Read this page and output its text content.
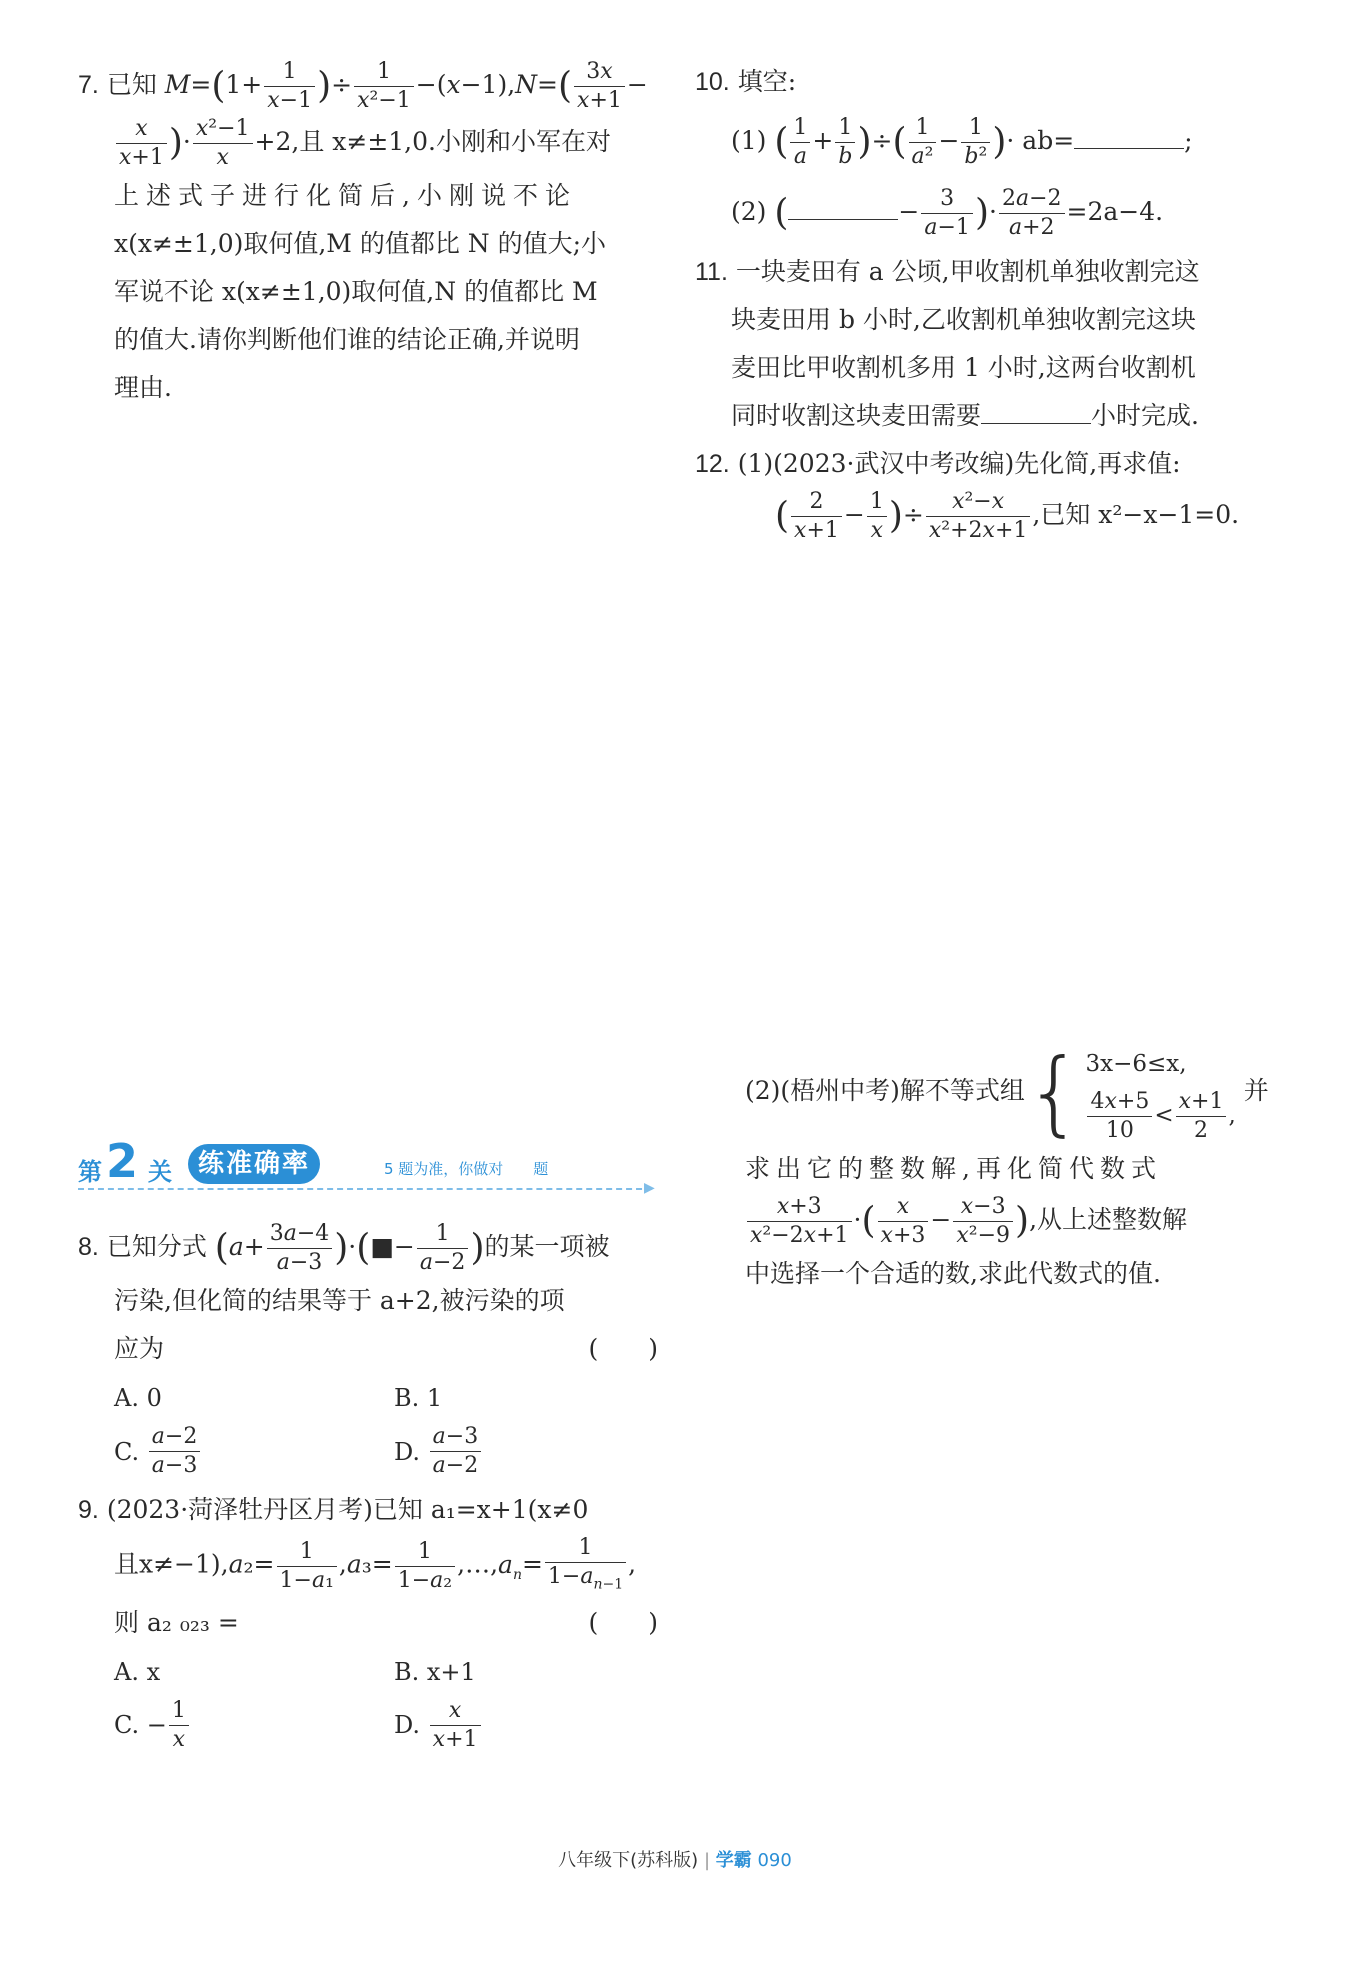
7. 已知 $M=(1+ \frac{1}{x-1}$ )÷ $\frac{1}{\text{x²−1}} -(x-1),N=( \frac{3x}{x+1}$ −
$\frac{x}{x+1}$ )· $\frac{\text{x²−1}}{x} +2$,且 x≠±1,0.小刚和小军在对
上述式子进行化简后,小刚说不论
x(x≠±1,0)取何值,M 的值都比 N 的值大;小
军说不论 x(x≠±1,0)取何值,N 的值都比 M
的值大.请你判断他们谁的结论正确,并说明
理由.
第 2 关	练准确率	5 题为准，你做对　　题
▶
8. 已知分式 ($a+ \frac{3a-4}{a-3}$ )·(■− $\frac{1}{a-2}$ )的某一项被
污染,但化简的结果等于 a+2,被污染的项
应为	(　　)
A. 0	B. 1
C.
$\frac{a-2}{a-3}$	D.
$\frac{a-3}{a-2}$
9. (2023·菏泽牡丹区月考)已知 a₁=x+1(x≠0
且$x\ne-1),a_2= \frac{1}{\text{1−a₁}} ,a_3= \frac{1}{\text{1−a₂}}$ $,\dots,a_n= \frac{1}{1-a_{n-1}}$ ,
则 a₂ ₀₂₃ =	(　　)
A. x	B. x+1
C. − $\frac{1}{x}$	D.
$\frac{x}{x+1}$
10. 填空:
(1) ( $\frac{1}{a} + \frac{1}{b}$ )÷( $\frac{1}{\text{a²}} - \frac{1}{\text{b²}}$ )· ab=	;
(2) (	− $\frac{3}{a-1}$ )· $\frac{2a-2}{a+2} =2a-4$.
11. 一块麦田有 a 公顷,甲收割机单独收割完这
块麦田用 b 小时,乙收割机单独收割完这块
麦田比甲收割机多用 1 小时,这两台收割机
同时收割这块麦田需要	小时完成.
12. (1)(2023·武汉中考改编)先化简,再求值:
( $\frac{2}{x+1} - \frac{1}{x}$ )÷ $\frac{\text{x²−x}}{\text{x²+2x+1}}$ ,已知 x²−x−1=0.
(2)(梧州中考)解不等式组 { 3x−6≤x,
$\frac{4x+5}{10} < \frac{x+1}{2}$ ,
并
求出它的整数解,再化简代数式
$\frac{x+3}{\text{x²−2x+1}}$ ·( $\frac{x}{x+3} - \frac{x-3}{\text{x²−9}}$ ),从上述整数解
中选择一个合适的数,求此代数式的值.
八年级下(苏科版) | 学霸 090
